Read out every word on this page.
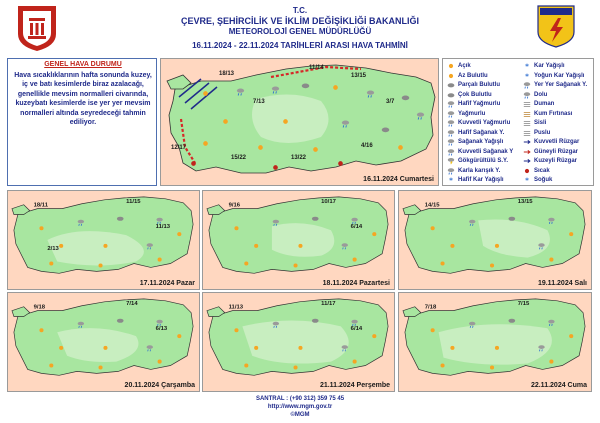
T.C.
ÇEVRE, ŞEHİRCİLİK VE İKLİM DEĞİŞİKLİĞİ BAKANLIĞI
METEOROLOJİ GENEL MÜDÜRLÜĞÜ
16.11.2024 - 22.11.2024 TARİHLERİ ARASI HAVA TAHMİNİ
GENEL HAVA DURUMU
Hava sıcaklıklarının hafta sonunda kuzey, iç ve batı kesimlerde biraz azalacağı, genellikle mevsim normalleri civarında, kuzeybatı kesimlerde ise yer yer mevsim normalleri altında seyredeceği tahmin ediliyor.
18/13
11/14
13/15
7/13	3/7
12/17
15/22	13/22
4/16
16.11.2024 Cumartesi
Açık
Az Bulutlu
Parçalı Bulutlu
Çok Bulutlu
Hafif Yağmurlu
Yağmurlu
Kuvvetli Yağmurlu
Hafif Sağanak Y.
Sağanak Yağışlı
Kuvvetli Sağanak Y
Gökgürültülü S.Y.
Karla karışık Y.
* Hafif Kar Yağışlı
* Kar Yağışlı
* Yoğun Kar Yağışlı
Yer Yer Sağanak Y.
Dolu
Duman
Kum Fırtınası
Sisli
Puslu
Kuvvetli Rüzgar
Güneyli Rüzgar
Kuzeyli Rüzgar
Sıcak
* Soğuk
18/11
11/15
11/13
2/13
17.11.2024 Pazar
9/16
10/17
6/14
18.11.2024 Pazartesi
14/15
13/15
19.11.2024 Salı
9/18
7/14
6/13
20.11.2024 Çarşamba
11/13
11/17
6/14
21.11.2024 Perşembe
7/18
7/15
22.11.2024 Cuma
SANTRAL : (+90 312) 359 75 45
http://www.mgm.gov.tr
©MGM
